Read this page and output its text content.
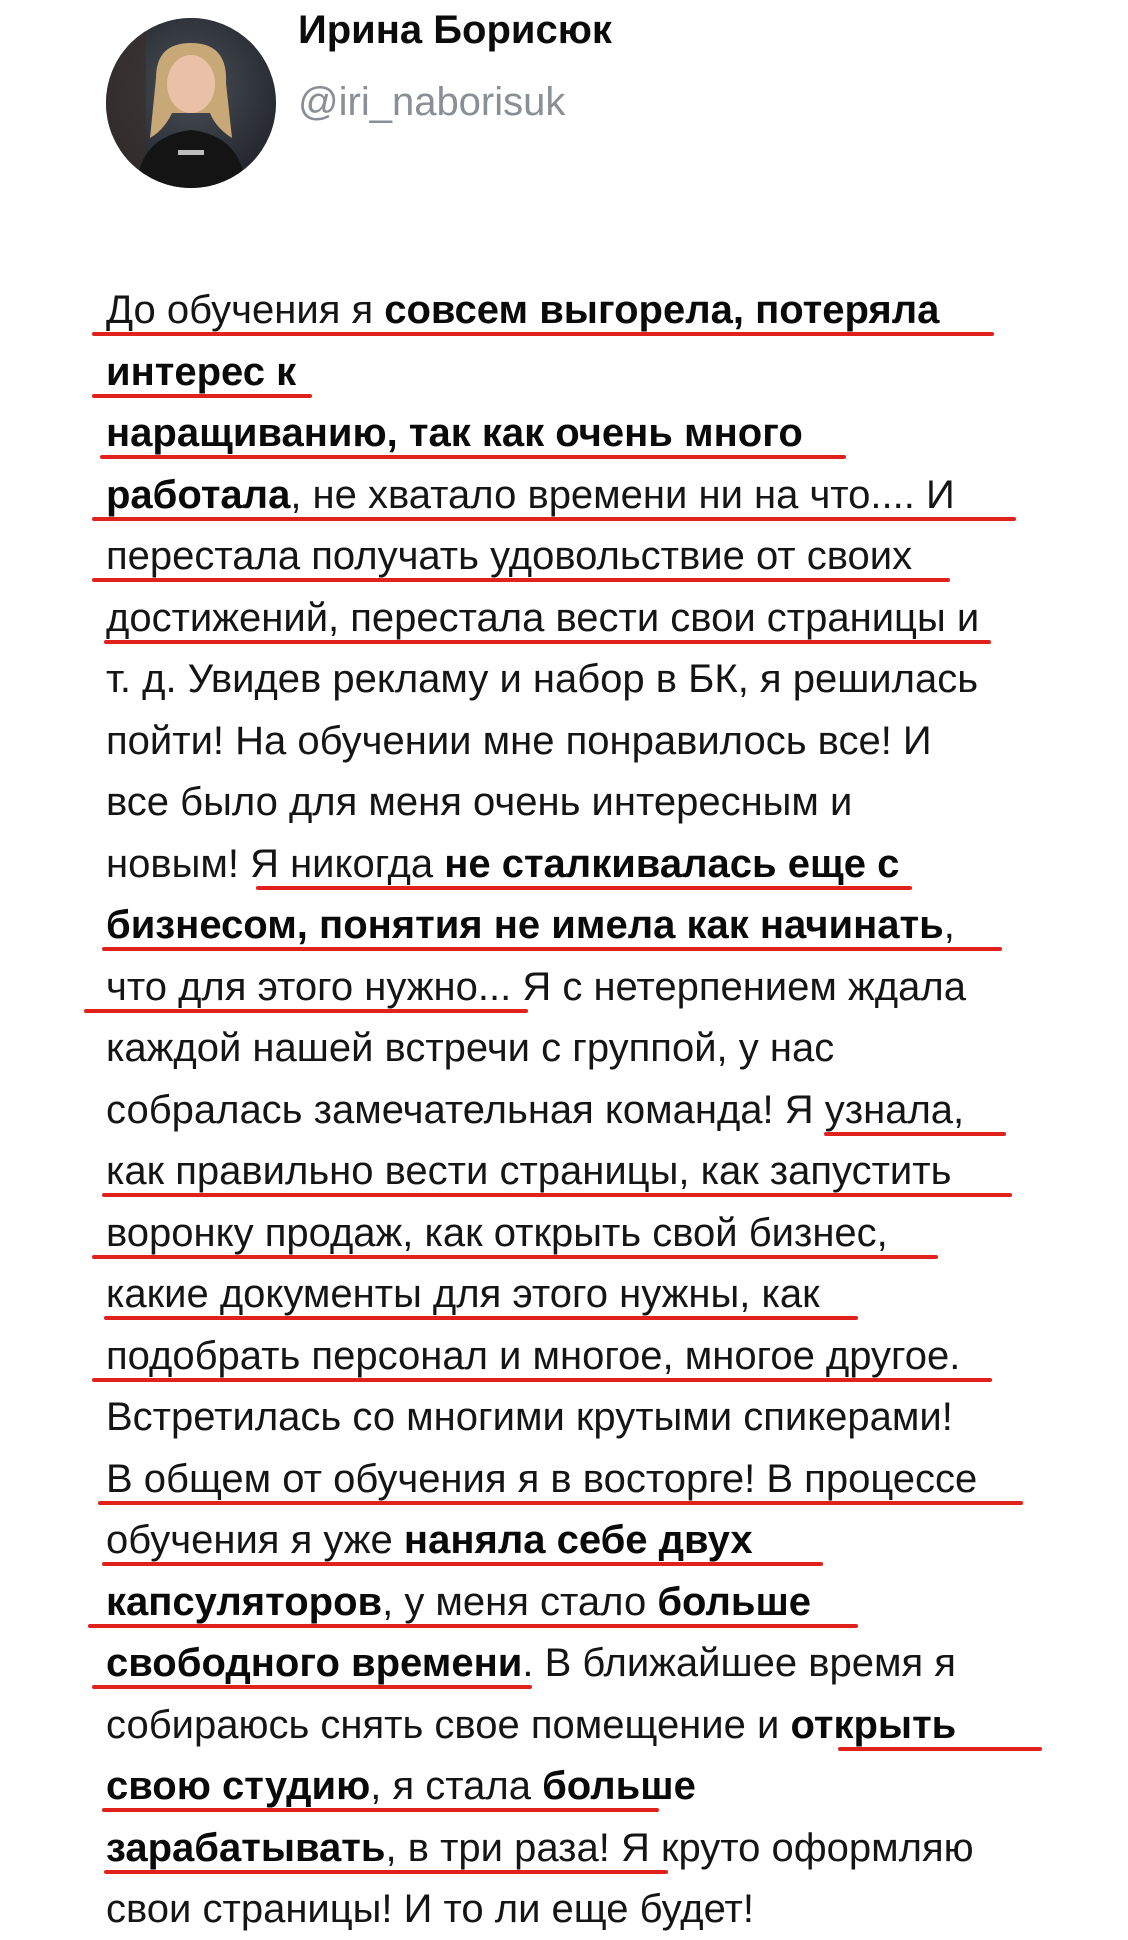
Ирина Борисюк
@iri_naborisuk
До обучения я совсем выгорела, потеряла
интерес к
наращиванию, так как очень много
работала, не хватало времени ни на что.... И
перестала получать удовольствие от своих
достижений, перестала вести свои страницы и
т. д. Увидев рекламу и набор в БК, я решилась
пойти! На обучении мне понравилось все! И
все было для меня очень интересным и
новым! Я никогда не сталкивалась еще с
бизнесом, понятия не имела как начинать,
что для этого нужно... Я с нетерпением ждала
каждой нашей встречи с группой, у нас
собралась замечательная команда! Я узнала,
как правильно вести страницы, как запустить
воронку продаж, как открыть свой бизнес,
какие документы для этого нужны, как
подобрать персонал и многое, многое другое.
Встретилась со многими крутыми спикерами!
В общем от обучения я в восторге! В процессе
обучения я уже наняла себе двух
капсуляторов, у меня стало больше
свободного времени. В ближайшее время я
собираюсь снять свое помещение и открыть
свою студию, я стала больше
зарабатывать, в три раза! Я круто оформляю
свои страницы! И то ли еще будет!
